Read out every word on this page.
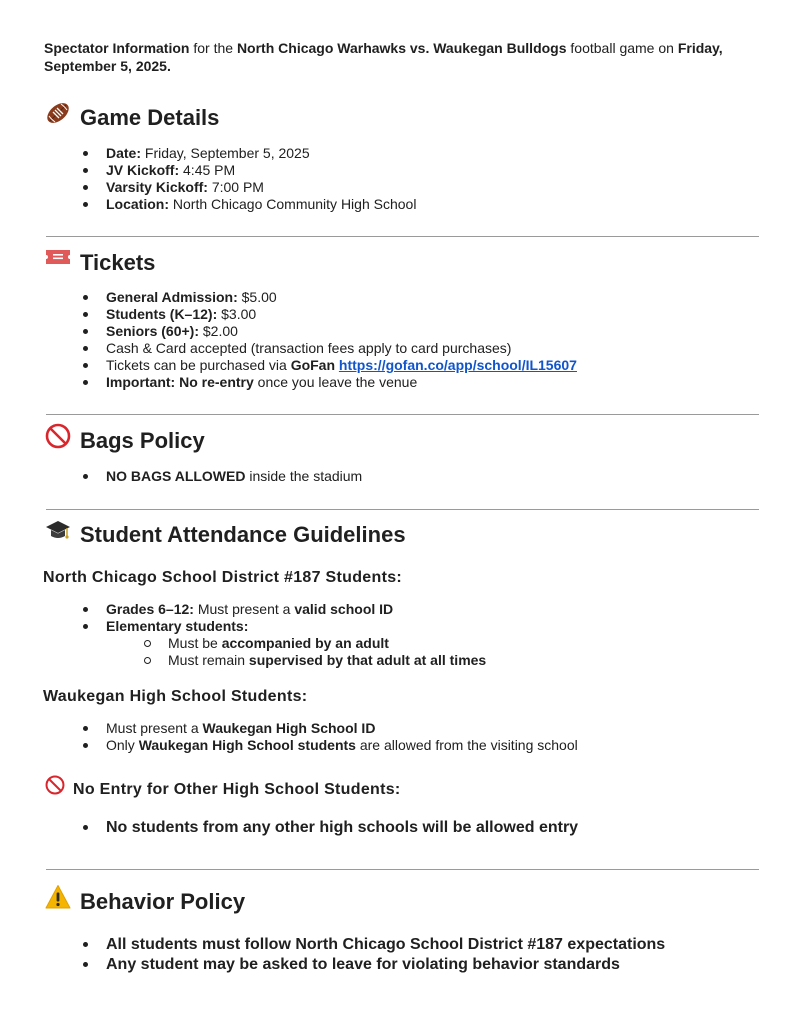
Spectator Information for the North Chicago Warhawks vs. Waukegan Bulldogs football game on Friday, September 5, 2025.

Game Details
Date: Friday, September 5, 2025
JV Kickoff: 4:45 PM
Varsity Kickoff: 7:00 PM
Location: North Chicago Community High School
Tickets
General Admission: $5.00
Students (K–12): $3.00
Seniors (60+): $2.00
Cash & Card accepted (transaction fees apply to card purchases)
Tickets can be purchased via GoFan https://gofan.co/app/school/IL15607
Important: No re-entry once you leave the venue
Bags Policy
NO BAGS ALLOWED inside the stadium
Student Attendance Guidelines
North Chicago School District #187 Students:
Grades 6–12: Must present a valid school ID
Elementary students:
Must be accompanied by an adult
Must remain supervised by that adult at all times
Waukegan High School Students:
Must present a Waukegan High School ID
Only Waukegan High School students are allowed from the visiting school
No Entry for Other High School Students:
No students from any other high schools will be allowed entry
Behavior Policy
All students must follow North Chicago School District #187 expectations
Any student may be asked to leave for violating behavior standards
